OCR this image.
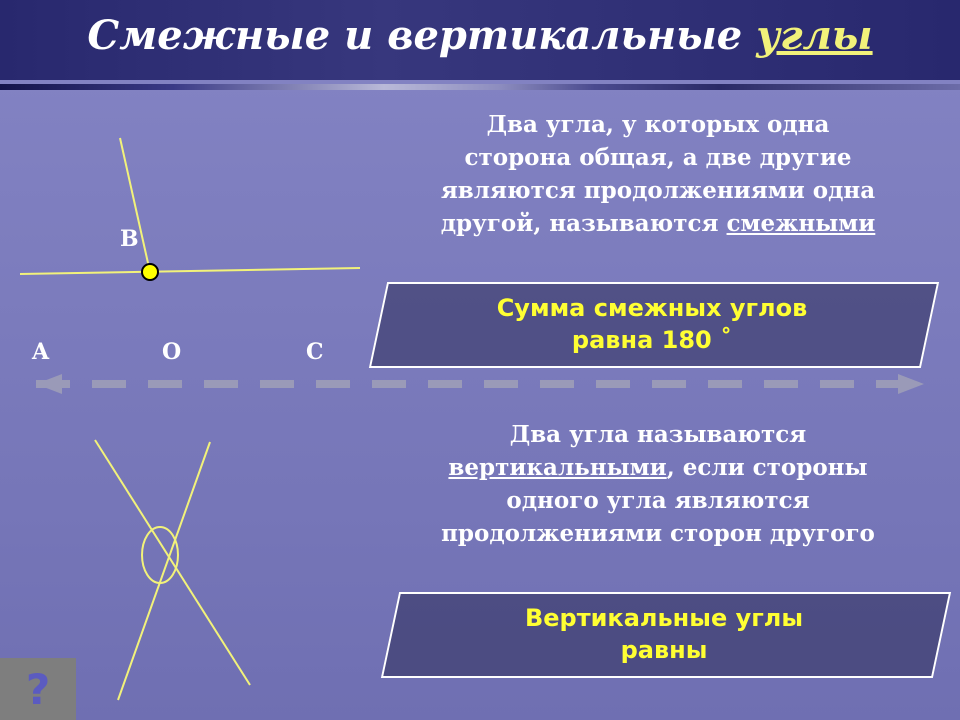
Смежные и вертикальные углы
B
A	O	C
Два угла, у которых одна
сторона общая, а две другие
являются продолжениями одна
другой, называются смежными
Сумма смежных углов
равна 180 ˚
Два угла называются
вертикальными, если стороны
одного угла являются
продолжениями сторон другого
Вертикальные углы
равны
?
